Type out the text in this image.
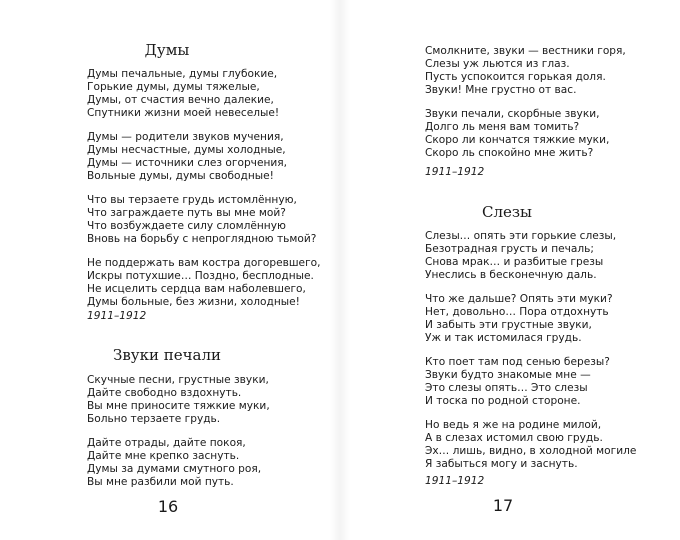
Думы
Думы печальные, думы глубокие,
Горькие думы, думы тяжелые,
Думы, от счастия вечно далекие,
Спутники жизни моей невеселые!
Думы — родители звуков мучения,
Думы несчастные, думы холодные,
Думы — источники слез огорчения,
Вольные думы, думы свободные!
Что вы терзаете грудь истомлённую,
Что заграждаете путь вы мне мой?
Что возбуждаете силу сломлённую
Вновь на борьбу с непроглядною тьмой?
Не поддержать вам костра догоревшего,
Искры потухшие… Поздно, бесплодные.
Не исцелить сердца вам наболевшего,
Думы больные, без жизни, холодные!
1911–1912
Звуки печали
Скучные песни, грустные звуки,
Дайте свободно вздохнуть.
Вы мне приносите тяжкие муки,
Больно терзаете грудь.
Дайте отрады, дайте покоя,
Дайте мне крепко заснуть.
Думы за думами смутного роя,
Вы мне разбили мой путь.
16
Смолкните, звуки — вестники горя,
Слезы уж льются из глаз.
Пусть успокоится горькая доля.
Звуки! Мне грустно от вас.
Звуки печали, скорбные звуки,
Долго ль меня вам томить?
Скоро ли кончатся тяжкие муки,
Скоро ль спокойно мне жить?
1911–1912
Слезы
Слезы… опять эти горькие слезы,
Безотрадная грусть и печаль;
Снова мрак… и разбитые грезы
Унеслись в бесконечную даль.
Что же дальше? Опять эти муки?
Нет, довольно… Пора отдохнуть
И забыть эти грустные звуки,
Уж и так истомилася грудь.
Кто поет там под сенью березы?
Звуки будто знакомые мне —
Это слезы опять… Это слезы
И тоска по родной стороне.
Но ведь я же на родине милой,
А в слезах истомил свою грудь.
Эх… лишь, видно, в холодной могиле
Я забыться могу и заснуть.
1911–1912
17
